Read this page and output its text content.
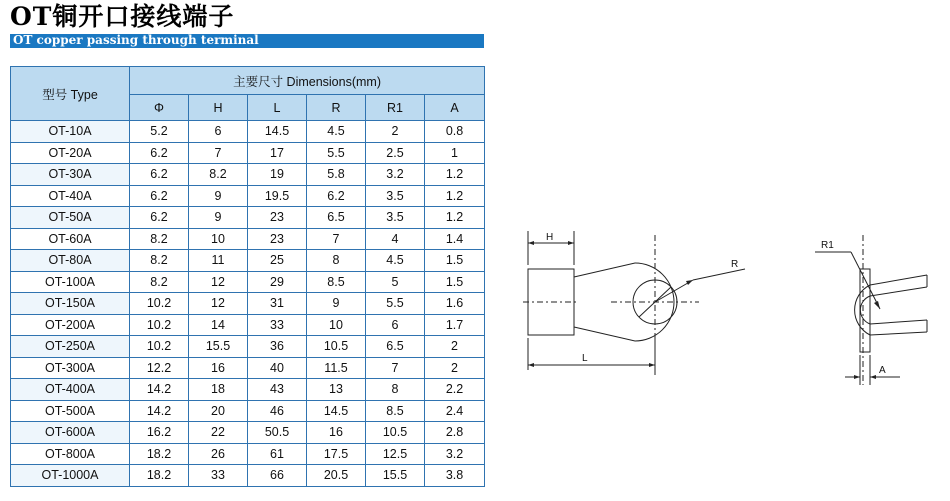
OT铜开口接线端子
OT copper passing through terminal
型号 Type	主要尺寸 Dimensions(mm)					
	Φ	H	L	R	R1	A
OT-10A	5.2	6	14.5	4.5	2	0.8
OT-20A	6.2	7	17	5.5	2.5	1
OT-30A	6.2	8.2	19	5.8	3.2	1.2
OT-40A	6.2	9	19.5	6.2	3.5	1.2
OT-50A	6.2	9	23	6.5	3.5	1.2
OT-60A	8.2	10	23	7	4	1.4
OT-80A	8.2	11	25	8	4.5	1.5
OT-100A	8.2	12	29	8.5	5	1.5
OT-150A	10.2	12	31	9	5.5	1.6
OT-200A	10.2	14	33	10	6	1.7
OT-250A	10.2	15.5	36	10.5	6.5	2
OT-300A	12.2	16	40	11.5	7	2
OT-400A	14.2	18	43	13	8	2.2
OT-500A	14.2	20	46	14.5	8.5	2.4
OT-600A	16.2	22	50.5	16	10.5	2.8
OT-800A	18.2	26	61	17.5	12.5	3.2
OT-1000A	18.2	33	66	20.5	15.5	3.8
H
R
L
R1
A
